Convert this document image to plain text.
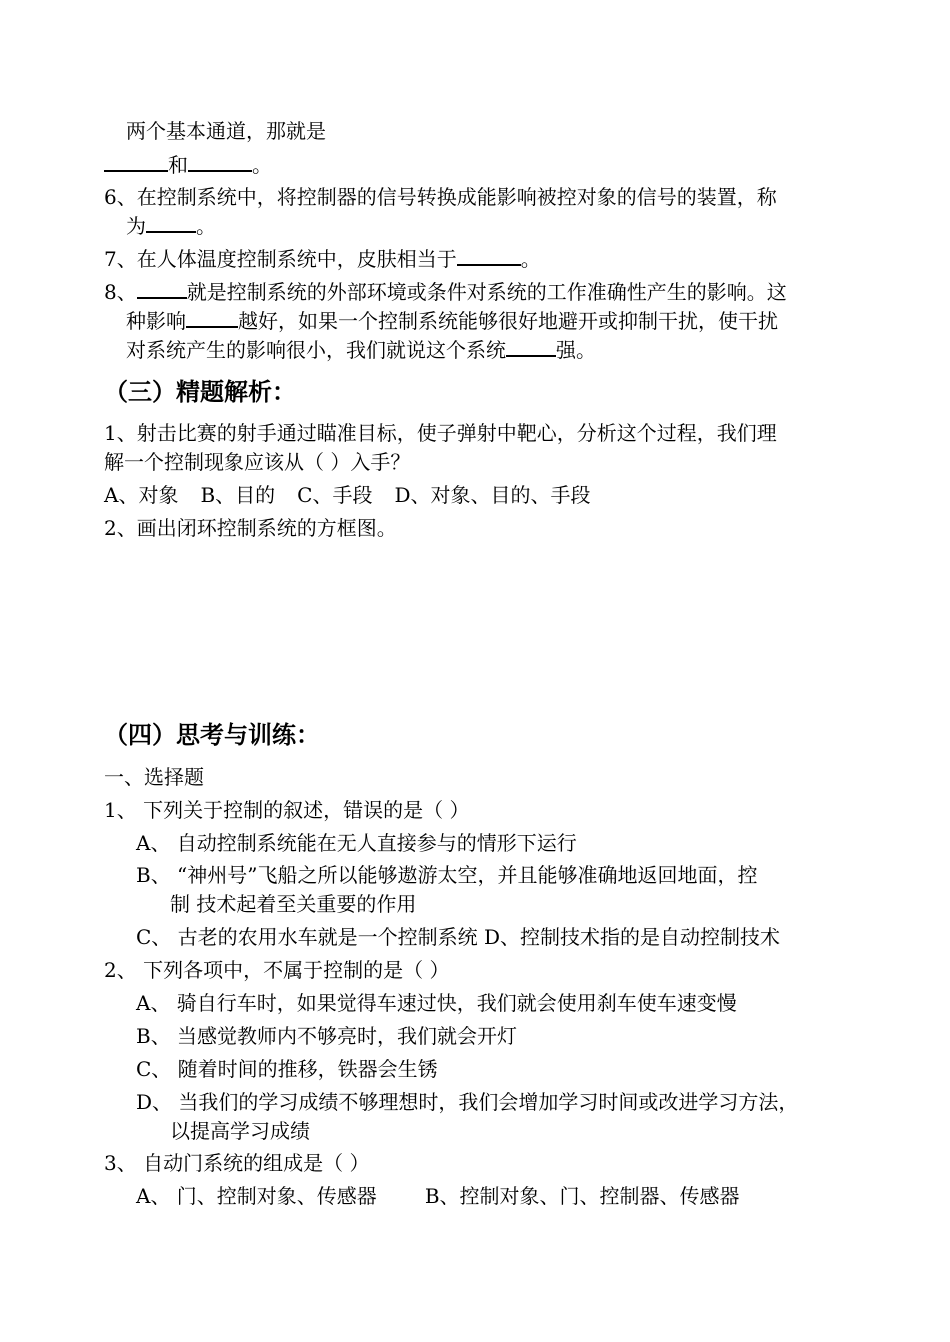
两个基本通道，那就是
和	。
6、在控制系统中，将控制器的信号转换成能影响被控对象的信号的装置，称
为	。
7、在人体温度控制系统中，皮肤相当于	。
8、	就是控制系统的外部环境或条件对系统的工作准确性产生的影响。这
种影响	越好，如果一个控制系统能够很好地避开或抑制干扰，使干扰
对系统产生的影响很小，我们就说这个系统	强。
（三）精题解析：
1、射击比赛的射手通过瞄准目标，使子弹射中靶心，分析这个过程，我们理
解一个控制现象应该从（ ）入手？
A、对象 B、目的 C、手段 D、对象、目的、手段
2、画出闭环控制系统的方框图。
（四）思考与训练：
一、选择题
1、 下列关于控制的叙述，错误的是（ ）
A、 自动控制系统能在无人直接参与的情形下运行
B、 “神州号”飞船之所以能够遨游太空，并且能够准确地返回地面，控
制 技术起着至关重要的作用
C、 古老的农用水车就是一个控制系统 D、控制技术指的是自动控制技术
2、 下列各项中，不属于控制的是（ ）
A、 骑自行车时，如果觉得车速过快，我们就会使用刹车使车速变慢
B、 当感觉教师内不够亮时，我们就会开灯
C、 随着时间的推移，铁器会生锈
D、 当我们的学习成绩不够理想时，我们会增加学习时间或改进学习方法，
以提高学习成绩
3、 自动门系统的组成是（ ）
A、 门、控制对象、传感器 B、控制对象、门、控制器、传感器
